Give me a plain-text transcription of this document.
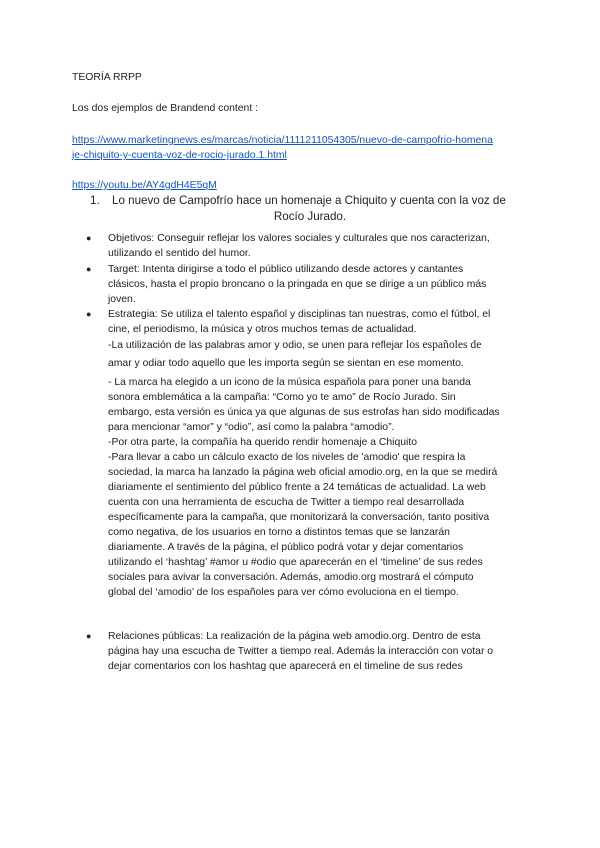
TEORÍA RRPP

Los dos ejemplos de Brandend content :

https://www.marketingnews.es/marcas/noticia/1111211054305/nuevo-de-campofrio-homena

je-chiquito-y-cuenta-voz-de-rocio-jurado.1.html

https://youtu.be/AY4gdH4E5qM

1. Lo nuevo de Campofrío hace un homenaje a Chiquito y cuenta con la voz de
Rocío Jurado.
● Objetivos: Conseguir reflejar los valores sociales y culturales que nos caracterizan,
utilizando el sentido del humor.
● Target: Intenta dirigirse a todo el público utilizando desde actores y cantantes
clásicos, hasta el propio broncano o la pringada en que se dirige a un público más
joven.
● Estrategia: Se utiliza el talento español y disciplinas tan nuestras, como el fútbol, el
cine, el periodismo, la música y otros muchos temas de actualidad.
-La utilización de las palabras amor y odio, se unen para reflejar los españoles de
amar y odiar todo aquello que les importa según se sientan en ese momento.
- La marca ha elegido a un icono de la música española para poner una banda
sonora emblemática a la campaña: “Como yo te amo” de Rocío Jurado. Sin
embargo, esta versión es única ya que algunas de sus estrofas han sido modificadas
para mencionar “amor” y “odio”, así como la palabra “amodio”.
-Por otra parte, la compañía ha querido rendir homenaje a Chiquito
-Para llevar a cabo un cálculo exacto de los niveles de 'amodio' que respira la
sociedad, la marca ha lanzado la página web oficial amodio.org, en la que se medirá
diariamente el sentimiento del público frente a 24 temáticas de actualidad. La web
cuenta con una herramienta de escucha de Twitter a tiempo real desarrollada
específicamente para la campaña, que monitorizará la conversación, tanto positiva
como negativa, de los usuarios en torno a distintos temas que se lanzarán
diariamente. A través de la página, el público podrá votar y dejar comentarios
utilizando el ‘hashtag’ #amor u #odio que aparecerán en el ‘timeline’ de sus redes
sociales para avivar la conversación. Además, amodio.org mostrará el cómputo
global del ‘amodio’ de los españoles para ver cómo evoluciona en el tiempo.
● Relaciones públicas: La realización de la página web amodio.org. Dentro de esta
página hay una escucha de Twitter a tiempo real. Además la interacción con votar o
dejar comentarios con los hashtag que aparecerá en el timeline de sus redes
